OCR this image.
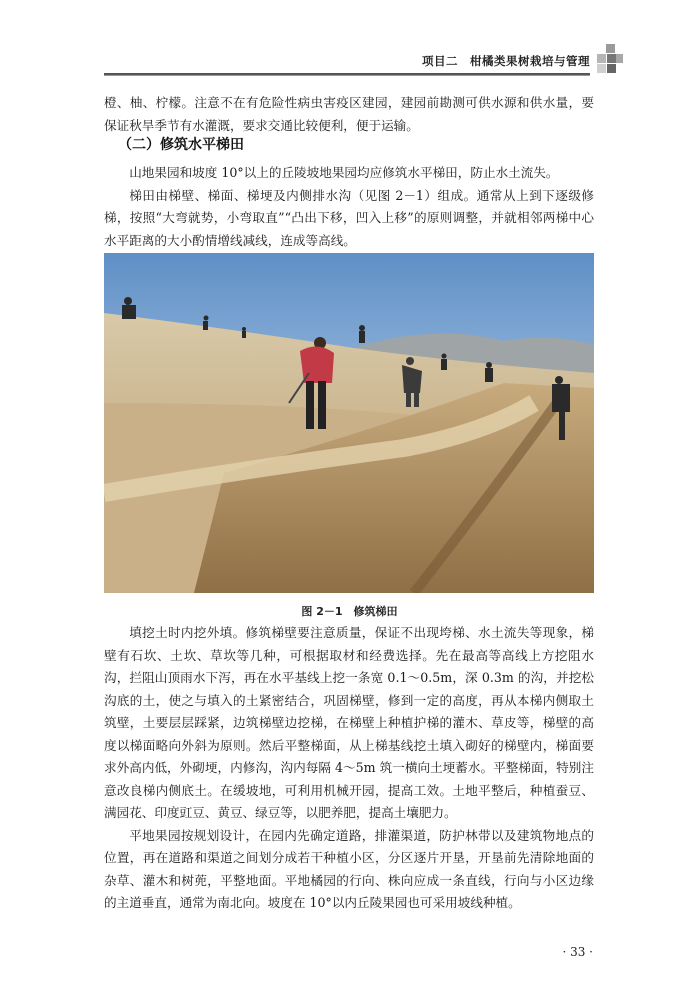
项目二　柑橘类果树栽培与管理

橙、柚、柠檬。注意不在有危险性病虫害疫区建园，建园前勘测可供水源和供水量，要保证秋旱季节有水灌溉，要求交通比较便利，便于运输。

（二）修筑水平梯田

山地果园和坡度 10°以上的丘陵坡地果园均应修筑水平梯田，防止水土流失。

梯田由梯壁、梯面、梯埂及内侧排水沟（见图 2－1）组成。通常从上到下逐级修梯，按照“大弯就势，小弯取直”“凸出下移，凹入上移”的原则调整，并就相邻两梯中心水平距离的大小酌情增线减线，连成等高线。

图 2－1　修筑梯田

填挖土时内挖外填。修筑梯壁要注意质量，保证不出现垮梯、水土流失等现象，梯壁有石坎、土坎、草坎等几种，可根据取材和经费选择。先在最高等高线上方挖阻水沟，拦阻山顶雨水下泻，再在水平基线上挖一条宽 0.1～0.5m，深 0.3m 的沟，并挖松沟底的土，使之与填入的土紧密结合，巩固梯壁，修到一定的高度，再从本梯内侧取土筑壁，土要层层踩紧，边筑梯壁边挖梯，在梯壁上种植护梯的灌木、草皮等，梯壁的高度以梯面略向外斜为原则。然后平整梯面，从上梯基线挖土填入砌好的梯壁内，梯面要求外高内低，外砌埂，内修沟，沟内每隔 4～5m 筑一横向土埂蓄水。平整梯面，特别注意改良梯内侧底土。在缓坡地，可利用机械开园，提高工效。土地平整后，种植蚕豆、满园花、印度豇豆、黄豆、绿豆等，以肥养肥，提高土壤肥力。

平地果园按规划设计，在园内先确定道路，排灌渠道，防护林带以及建筑物地点的位置，再在道路和渠道之间划分成若干种植小区，分区逐片开垦，开垦前先清除地面的杂草、灌木和树蔸，平整地面。平地橘园的行向、株向应成一条直线，行向与小区边缘的主道垂直，通常为南北向。坡度在 10°以内丘陵果园也可采用坡线种植。

· 33 ·
